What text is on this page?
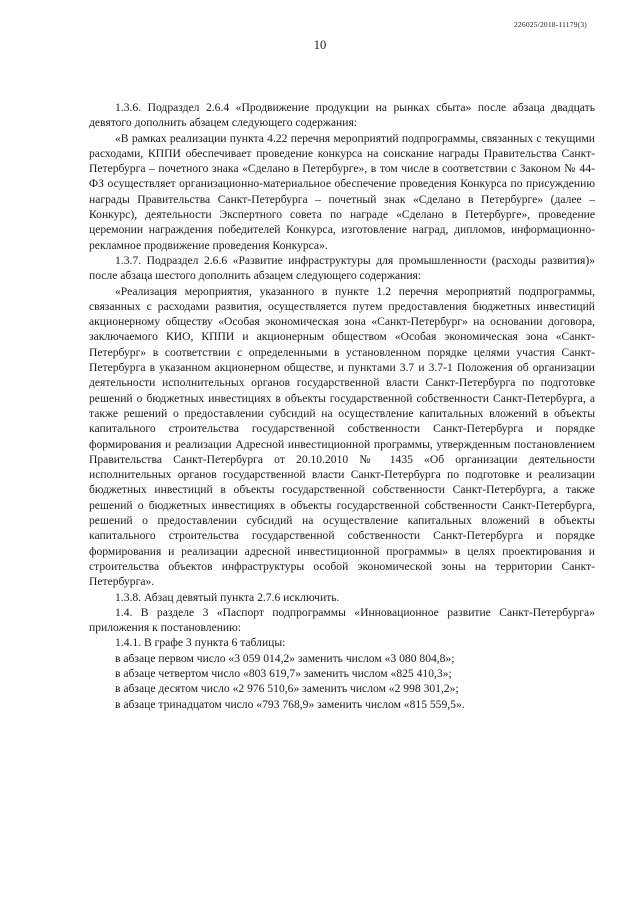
226025/2018-11179(3)
10

1.3.6. Подраздел 2.6.4 «Продвижение продукции на рынках сбыта» после абзаца двадцать девятого дополнить абзацем следующего содержания:

«В рамках реализации пункта 4.22 перечня мероприятий подпрограммы, связанных с текущими расходами, КППИ обеспечивает проведение конкурса на соискание награды Правительства Санкт-Петербурга – почетного знака «Сделано в Петербурге», в том числе в соответствии с Законом № 44-ФЗ осуществляет организационно-материальное обеспечение проведения Конкурса по присуждению награды Правительства Санкт-Петербурга – почетный знак «Сделано в Петербурге» (далее – Конкурс), деятельности Экспертного совета по награде «Сделано в Петербурге», проведение церемонии награждения победителей Конкурса, изготовление наград, дипломов, информационно-рекламное продвижение проведения Конкурса».

1.3.7. Подраздел 2.6.6 «Развитие инфраструктуры для промышленности (расходы развития)» после абзаца шестого дополнить абзацем следующего содержания:

«Реализация мероприятия, указанного в пункте 1.2 перечня мероприятий подпрограммы, связанных с расходами развития, осуществляется путем предоставления бюджетных инвестиций акционерному обществу «Особая экономическая зона «Санкт-Петербург» на основании договора, заключаемого КИО, КППИ и акционерным обществом «Особая экономическая зона «Санкт-Петербург» в соответствии с определенными в установленном порядке целями участия Санкт-Петербурга в указанном акционерном обществе, и пунктами 3.7 и 3.7-1 Положения об организации деятельности исполнительных органов государственной власти Санкт-Петербурга по подготовке решений о бюджетных инвестициях в объекты государственной собственности Санкт-Петербурга, а также решений о предоставлении субсидий на осуществление капитальных вложений в объекты капитального строительства государственной собственности Санкт-Петербурга и порядке формирования и реализации Адресной инвестиционной программы, утвержденным постановлением Правительства Санкт-Петербурга от 20.10.2010 № 1435 «Об организации деятельности исполнительных органов государственной власти Санкт-Петербурга по подготовке и реализации бюджетных инвестиций в объекты государственной собственности Санкт-Петербурга, а также решений о бюджетных инвестициях в объекты государственной собственности Санкт-Петербурга, решений о предоставлении субсидий на осуществление капитальных вложений в объекты капитального строительства государственной собственности Санкт-Петербурга и порядке формирования и реализации адресной инвестиционной программы» в целях проектирования и строительства объектов инфраструктуры особой экономической зоны на территории Санкт-Петербурга».

1.3.8. Абзац девятый пункта 2.7.6 исключить.

1.4. В разделе 3 «Паспорт подпрограммы «Инновационное развитие Санкт-Петербурга» приложения к постановлению:

1.4.1. В графе 3 пункта 6 таблицы:

в абзаце первом число «3 059 014,2» заменить числом «3 080 804,8»;

в абзаце четвертом число «803 619,7» заменить числом «825 410,3»;

в абзаце десятом число «2 976 510,6» заменить числом «2 998 301,2»;

в абзаце тринадцатом число «793 768,9» заменить числом «815 559,5».
